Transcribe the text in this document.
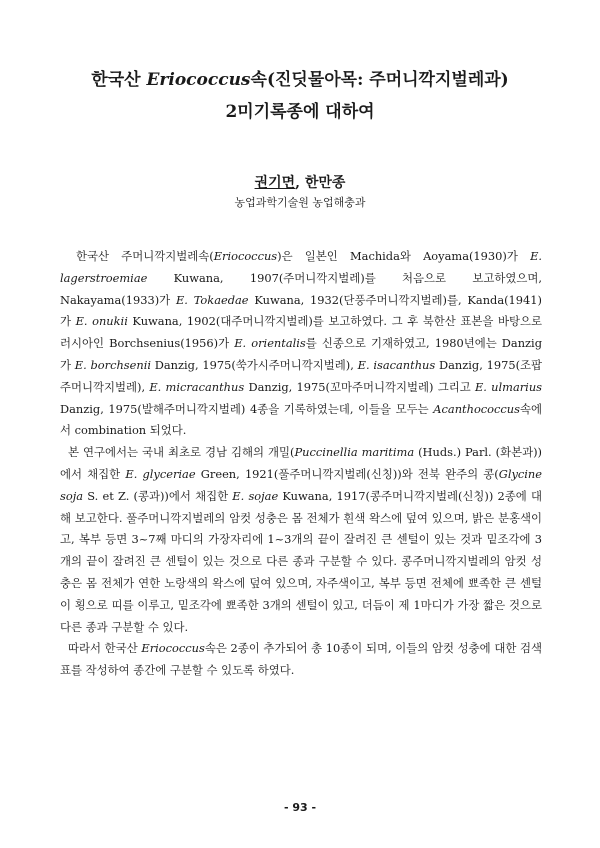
한국산 Eriococcus속(진딧물아목: 주머니깍지벌레과)
2미기록종에 대하여
권기면, 한만종
농업과학기술원 농업해충과

한국산 주머니깍지벌레속(Eriococcus)은 일본인 Machida와 Aoyama(1930)가 E. lagerstroemiae Kuwana, 1907(주머니깍지벌레)를 처음으로 보고하였으며, Nakayama(1933)가 E. Tokaedae Kuwana, 1932(단풍주머니깍지벌레)를, Kanda(1941)가 E. onukii Kuwana, 1902(대주머니깍지벌레)를 보고하였다. 그 후 북한산 표본을 바탕으로 러시아인 Borchsenius(1956)가 E. orientalis를 신종으로 기재하였고, 1980년에는 Danzig가 E. borchsenii Danzig, 1975(쑥가시주머니깍지벌레), E. isacanthus Danzig, 1975(조팝주머니깍지벌레), E. micracanthus Danzig, 1975(꼬마주머니깍지벌레) 그리고 E. ulmarius Danzig, 1975(발해주머니깍지벌레) 4종을 기록하였는데, 이들을 모두는 Acanthococcus속에서 combination 되었다.

본 연구에서는 국내 최초로 경남 김해의 개밀(Puccinellia maritima (Huds.) Parl. (화본과))에서 채집한 E. glyceriae Green, 1921(풀주머니깍지벌레(신칭))와 전북 완주의 콩(Glycine soja S. et Z. (콩과))에서 채집한 E. sojae Kuwana, 1917(콩주머니깍지벌레(신칭)) 2종에 대해 보고한다. 풀주머니깍지벌레의 암컷 성충은 몸 전체가 흰색 왁스에 덮여 있으며, 밝은 분홍색이고, 복부 등면 3~7째 마디의 가장자리에 1~3개의 끝이 잘려진 큰 센털이 있는 것과 밑조각에 3개의 끝이 잘려진 큰 센털이 있는 것으로 다른 종과 구분할 수 있다. 콩주머니깍지벌레의 암컷 성충은 몸 전체가 연한 노랑색의 왁스에 덮여 있으며, 자주색이고, 복부 등면 전체에 뾰족한 큰 센털이 횡으로 띠를 이루고, 밑조각에 뾰족한 3개의 센털이 있고, 더듬이 제 1마디가 가장 짧은 것으로 다른 종과 구분할 수 있다.

따라서 한국산 Eriococcus속은 2종이 추가되어 총 10종이 되며, 이들의 암컷 성충에 대한 검색표를 작성하여 종간에 구분할 수 있도록 하였다.

- 93 -
